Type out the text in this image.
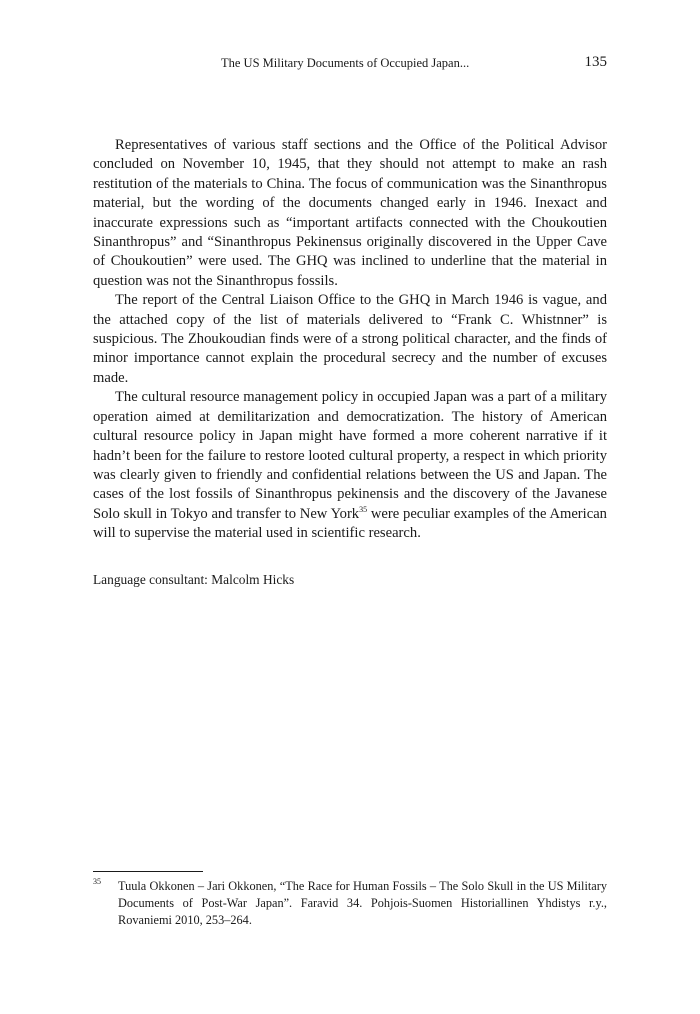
The US Military Documents of Occupied Japan...	135

Representatives of various staff sections and the Office of the Political Advisor concluded on November 10, 1945, that they should not attempt to make an rash restitution of the materials to China. The focus of communication was the Sinanthropus material, but the wording of the documents changed early in 1946. Inexact and inaccurate expressions such as “important artifacts connected with the Choukoutien Sinanthropus” and “Sinanthropus Pekinensus originally discovered in the Upper Cave of Choukoutien” were used. The GHQ was inclined to underline that the material in question was not the Sinanthropus fossils.

The report of the Central Liaison Office to the GHQ in March 1946 is vague, and the attached copy of the list of materials delivered to “Frank C. Whistnner” is suspicious. The Zhoukoudian finds were of a strong political character, and the finds of minor importance cannot explain the procedural secrecy and the number of excuses made.

The cultural resource management policy in occupied Japan was a part of a military operation aimed at demilitarization and democratization. The history of American cultural resource policy in Japan might have formed a more coherent narrative if it hadn’t been for the failure to restore looted cultural property, a respect in which priority was clearly given to friendly and confidential relations between the US and Japan. The cases of the lost fossils of Sinanthropus pekinensis and the discovery of the Javanese Solo skull in Tokyo and transfer to New York$^{35}$ were peculiar examples of the American will to supervise the material used in scientific research.

Language consultant: Malcolm Hicks
35 Tuula Okkonen – Jari Okkonen, “The Race for Human Fossils – The Solo Skull in the US Military Documents of Post-War Japan”. Faravid 34. Pohjois-Suomen Historiallinen Yhdistys r.y., Rovaniemi 2010, 253–264.
